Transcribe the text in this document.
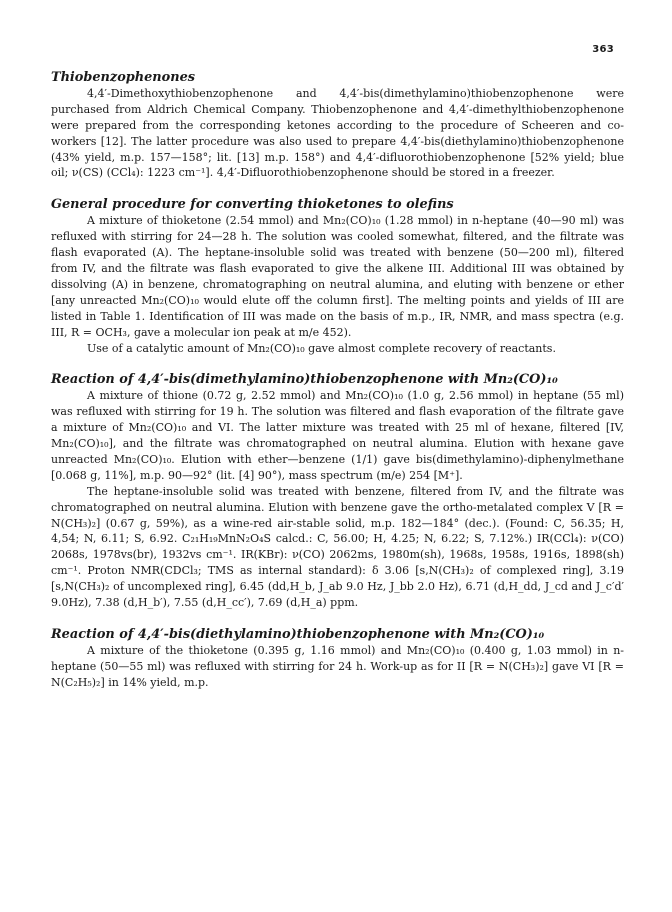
363
Thiobenzophenones

4,4′-Dimethoxythiobenzophenone and 4,4′-bis(dimethylamino)thiobenzophenone were purchased from Aldrich Chemical Company. Thiobenzophenone and 4,4′-dimethylthiobenzophenone were prepared from the corresponding ketones according to the procedure of Scheeren and co-workers [12]. The latter procedure was also used to prepare 4,4′-bis(diethylamino)thiobenzophenone (43% yield, m.p. 157—158°; lit. [13] m.p. 158°) and 4,4′-difluorothiobenzophenone [52% yield; blue oil; ν(CS) (CCl₄): 1223 cm⁻¹]. 4,4′-Difluorothiobenzophenone should be stored in a freezer.

General procedure for converting thioketones to olefins

A mixture of thioketone (2.54 mmol) and Mn₂(CO)₁₀ (1.28 mmol) in n-heptane (40—90 ml) was refluxed with stirring for 24—28 h. The solution was cooled somewhat, filtered, and the filtrate was flash evaporated (A). The heptane-insoluble solid was treated with benzene (50—200 ml), filtered from IV, and the filtrate was flash evaporated to give the alkene III. Additional III was obtained by dissolving (A) in benzene, chromatographing on neutral alumina, and eluting with benzene or ether [any unreacted Mn₂(CO)₁₀ would elute off the column first]. The melting points and yields of III are listed in Table 1. Identification of III was made on the basis of m.p., IR, NMR, and mass spectra (e.g. III, R = OCH₃, gave a molecular ion peak at m/e 452).

Use of a catalytic amount of Mn₂(CO)₁₀ gave almost complete recovery of reactants.

Reaction of 4,4′-bis(dimethylamino)thiobenzophenone with Mn₂(CO)₁₀

A mixture of thione (0.72 g, 2.52 mmol) and Mn₂(CO)₁₀ (1.0 g, 2.56 mmol) in heptane (55 ml) was refluxed with stirring for 19 h. The solution was filtered and flash evaporation of the filtrate gave a mixture of Mn₂(CO)₁₀ and VI. The latter mixture was treated with 25 ml of hexane, filtered [IV, Mn₂(CO)₁₀], and the filtrate was chromatographed on neutral alumina. Elution with hexane gave unreacted Mn₂(CO)₁₀. Elution with ether—benzene (1/1) gave bis(dimethylamino)-diphenylmethane [0.068 g, 11%], m.p. 90—92° (lit. [4] 90°), mass spectrum (m/e) 254 [M⁺].

The heptane-insoluble solid was treated with benzene, filtered from IV, and the filtrate was chromatographed on neutral alumina. Elution with benzene gave the ortho-metalated complex V [R = N(CH₃)₂] (0.67 g, 59%), as a wine-red air-stable solid, m.p. 182—184° (dec.). (Found: C, 56.35; H, 4,54; N, 6.11; S, 6.92. C₂₁H₁₉MnN₂O₄S calcd.: C, 56.00; H, 4.25; N, 6.22; S, 7.12%.) IR(CCl₄): ν(CO) 2068s, 1978vs(br), 1932vs cm⁻¹. IR(KBr): ν(CO) 2062ms, 1980m(sh), 1968s, 1958s, 1916s, 1898(sh) cm⁻¹. Proton NMR(CDCl₃; TMS as internal standard): δ 3.06 [s,N(CH₃)₂ of complexed ring], 3.19 [s,N(CH₃)₂ of uncomplexed ring], 6.45 (dd,H_b, J_ab 9.0 Hz, J_bb 2.0 Hz), 6.71 (d,H_dd, J_cd and J_c′d′ 9.0Hz), 7.38 (d,H_b′), 7.55 (d,H_cc′), 7.69 (d,H_a) ppm.

Reaction of 4,4′-bis(diethylamino)thiobenzophenone with Mn₂(CO)₁₀

A mixture of the thioketone (0.395 g, 1.16 mmol) and Mn₂(CO)₁₀ (0.400 g, 1.03 mmol) in n-heptane (50—55 ml) was refluxed with stirring for 24 h. Work-up as for II [R = N(CH₃)₂] gave VI [R = N(C₂H₅)₂] in 14% yield, m.p.
